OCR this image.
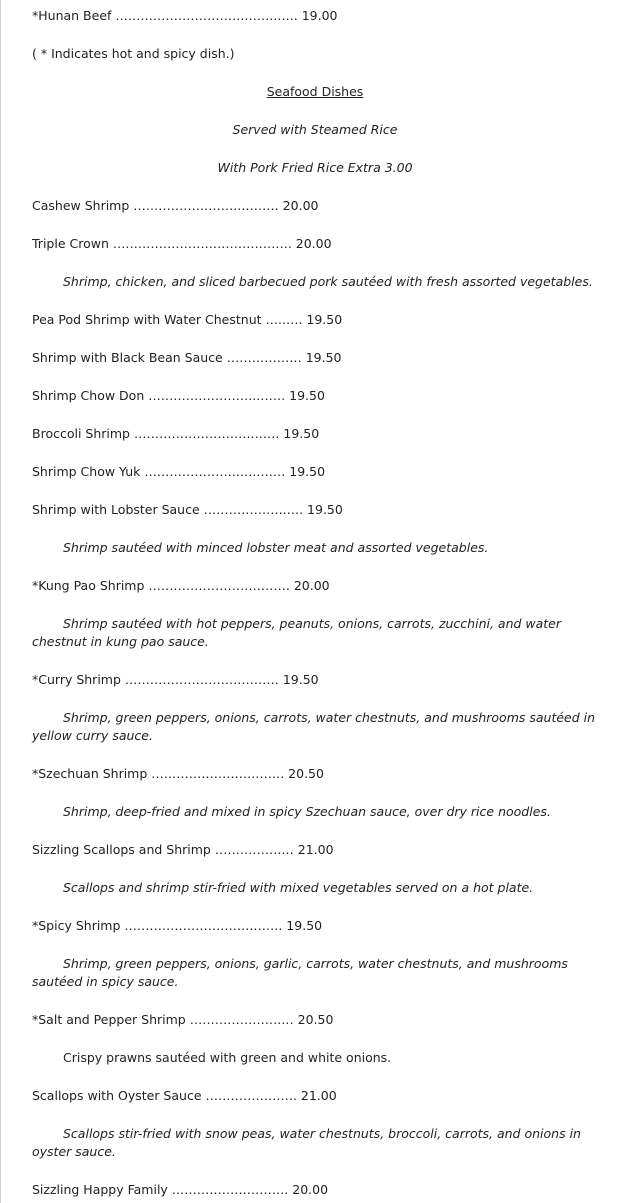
*Hunan Beef ………………………….……..….. 19.00
( * Indicates hot and spicy dish.)
Seafood Dishes
Served with Steamed Rice
With Pork Fried Rice Extra 3.00
Cashew Shrimp ……………………..……… 20.00
Triple Crown ……………………………………. 20.00
Shrimp, chicken, and sliced barbecued pork sautéed with fresh assorted vegetables.
Pea Pod Shrimp with Water Chestnut …..…. 19.50
Shrimp with Black Bean Sauce ……………… 19.50
Shrimp Chow Don ……………………..……. 19.50
Broccoli Shrimp ……………………….……. 19.50
Shrimp Chow Yuk …………………..….……. 19.50
Shrimp with Lobster Sauce ………………..…. 19.50
Shrimp sautéed with minced lobster meat and assorted vegetables.
*Kung Pao Shrimp ……………………………. 20.00
Shrimp sautéed with hot peppers, peanuts, onions, carrots, zucchini, and water chestnut in kung pao sauce.
*Curry Shrimp ……………………….……… 19.50
Shrimp, green peppers, onions, carrots, water chestnuts, and mushrooms sautéed in yellow curry sauce.
*Szechuan Shrimp …………………….……. 20.50
Shrimp, deep-fried and mixed in spicy Szechuan sauce, over dry rice noodles.
Sizzling Scallops and Shrimp …………….… 21.00
Scallops and shrimp stir-fried with mixed vegetables served on a hot plate.
*Spicy Shrimp ………………………….……. 19.50
Shrimp, green peppers, onions, garlic, carrots, water chestnuts, and mushrooms sautéed in spicy sauce.
*Salt and Pepper Shrimp ………………….… 20.50
Crispy prawns sautéed with green and white onions.
Scallops with Oyster Sauce …………………. 21.00
Scallops stir-fried with snow peas, water chestnuts, broccoli, carrots, and onions in oyster sauce.
Sizzling Happy Family ………………………. 20.00
